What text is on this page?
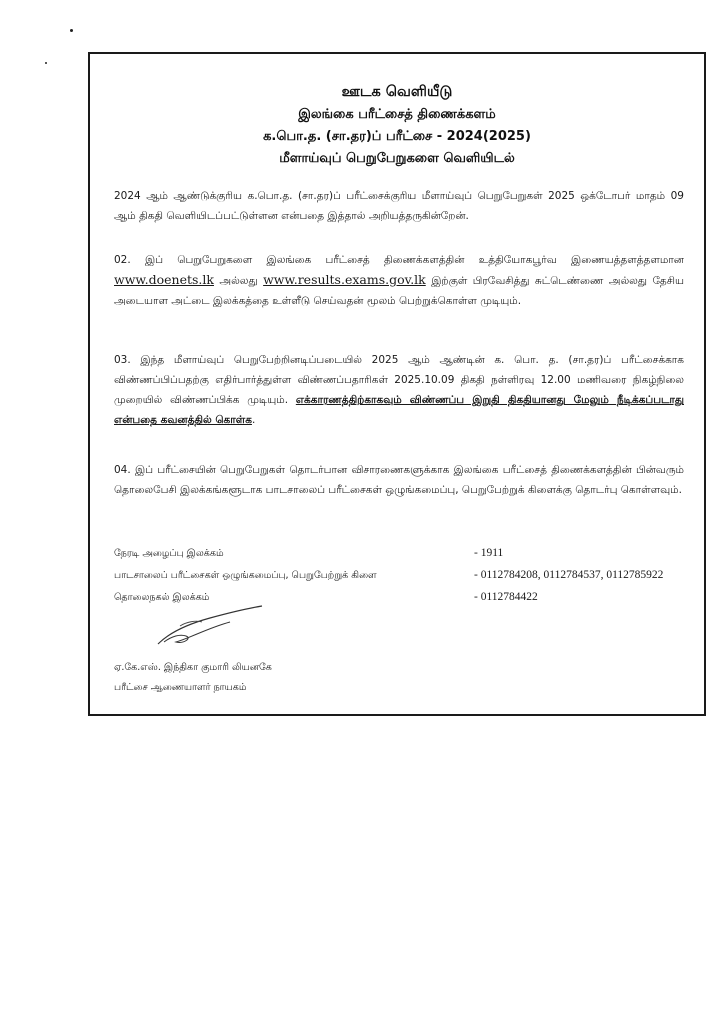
ஊடக வெளியீடு
இலங்கை பரீட்சைத் திணைக்களம்
க.பொ.த. (சா.தர)ப் பரீட்சை - 2024(2025)
மீளாய்வுப் பெறுபேறுகளை வெளியிடல்
2024 ஆம் ஆண்டுக்குரிய க.பொ.த. (சா.தர)ப் பரீட்சைக்குரிய மீளாய்வுப் பெறுபேறுகள் 2025 ஒக்டோபர் மாதம் 09 ஆம் திகதி வெளியிடப்பட்டுள்ளன என்பதை இத்தால் அறியத்தருகின்றேன்.
02. இப் பெறுபேறுகளை இலங்கை பரீட்சைத் திணைக்களத்தின் உத்தியோகபூர்வ இணையத்தளத்தளமான www.doenets.lk அல்லது www.results.exams.gov.lk இற்குள் பிரவேசித்து சுட்டெண்ணை அல்லது தேசிய அடையாள அட்டை இலக்கத்தை உள்ளீடு செய்வதன் மூலம் பெற்றுக்கொள்ள முடியும்.
03. இந்த மீளாய்வுப் பெறுபேற்றினடிப்படையில் 2025 ஆம் ஆண்டின் க. பொ. த. (சா.தர)ப் பரீட்சைக்காக விண்ணப்பிப்பதற்கு எதிர்பார்த்துள்ள விண்ணப்பதாரிகள் 2025.10.09 திகதி நள்ளிரவு 12.00 மணிவரை நிகழ்நிலை முறையில் விண்ணப்பிக்க முடியும். எக்காரணத்திற்காகவும் விண்ணப்ப இறுதி திகதியானது மேலும் நீடிக்கப்படாது என்பதை கவனத்தில் கொள்க.
04. இப் பரீட்சையின் பெறுபேறுகள் தொடர்பான விசாரணைகளுக்காக இலங்கை பரீட்சைத் திணைக்களத்தின் பின்வரும் தொலைபேசி இலக்கங்களூடாக பாடசாலைப் பரீட்சைகள் ஒழுங்கமைப்பு, பெறுபேற்றுக் கிளைக்கு தொடர்பு கொள்ளவும்.
நேரடி அழைப்பு இலக்கம்	- 1911
பாடசாலைப் பரீட்சைகள் ஒழுங்கமைப்பு, பெறுபேற்றுக் கிளை	- 0112784208, 0112784537, 0112785922
தொலைநகல் இலக்கம்	- 0112784422
ஏ.கே.எஸ். இந்திகா குமாரி லியனகே
பரீட்சை ஆணையாளர் நாயகம்
